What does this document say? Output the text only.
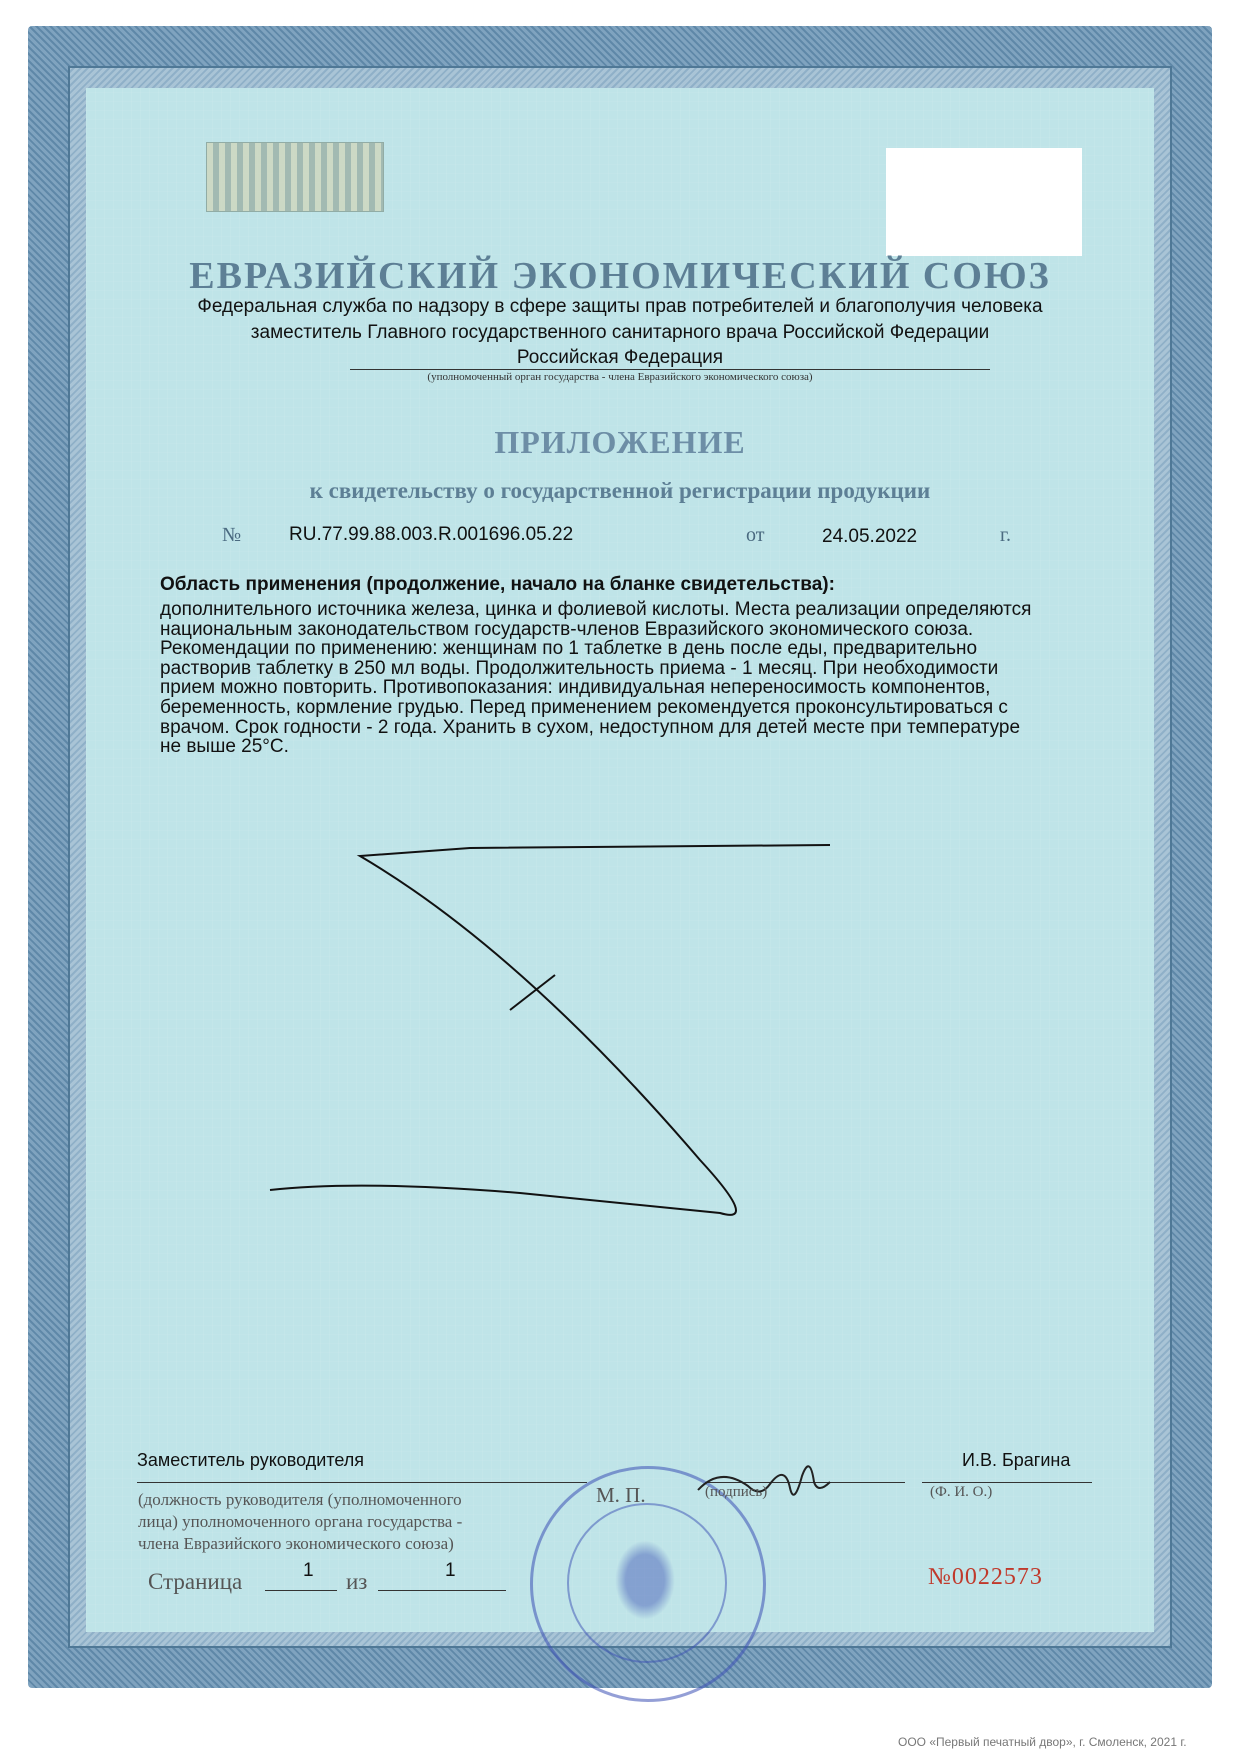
ЕВРАЗИЙСКИЙ ЭКОНОМИЧЕСКИЙ СОЮЗ
Федеральная служба по надзору в сфере защиты прав потребителей и благополучия человека
заместитель Главного государственного санитарного врача Российской Федерации
Российская Федерация
(уполномоченный орган государства - члена Евразийского экономического союза)
ПРИЛОЖЕНИЕ
к свидетельству о государственной регистрации продукции
№	RU.77.99.88.003.R.001696.05.22	от	24.05.2022	г.
Область применения (продолжение, начало на бланке свидетельства):
дополнительного источника железа, цинка и фолиевой кислоты. Места реализации определяются
национальным законодательством государств-членов Евразийского экономического союза.
Рекомендации по применению: женщинам по 1 таблетке в день после еды, предварительно
растворив таблетку в 250 мл воды. Продолжительность приема - 1 месяц. При необходимости
прием можно повторить. Противопоказания: индивидуальная непереносимость компонентов,
беременность, кормление грудью. Перед применением рекомендуется проконсультироваться с
врачом. Срок годности - 2 года. Хранить в сухом, недоступном для детей месте при температуре
не выше 25°C.
Заместитель руководителя	И.В. Брагина
М. П.	(подпись)	(Ф. И. О.)
(должность руководителя (уполномоченного
лица) уполномоченного органа государства -
члена Евразийского экономического союза)
Страница	1 из	1	№0022573
ООО «Первый печатный двор», г. Смоленск, 2021 г.
